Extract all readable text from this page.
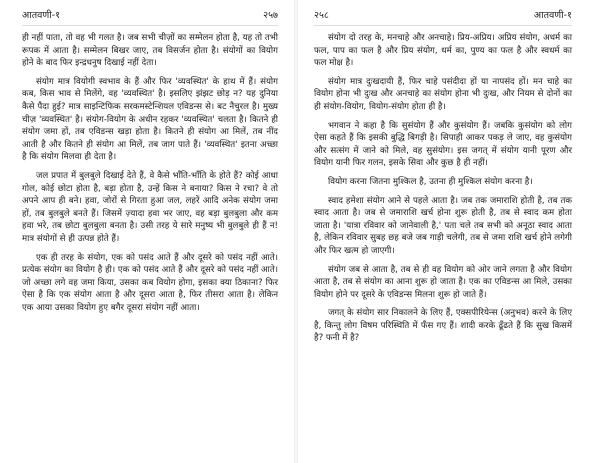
आतवणी-१	२५७

ही नहीं पाता, तो वह भी गलत है। जब सभी चीज़ों का सम्मेलन होता है, यह तो तभी रूपक में आता है। सम्मेलन बिखर जाए, तब विसर्जन होता है। संयोगों का वियोग होने के बाद फिर इन्द्रधनुष दिखाई नहीं देता।

संयोग मात्र वियोगी स्वभाव के हैं और फिर 'व्यवस्थित' के हाथ में हैं। संयोग कब, किस भाव से मिलेंगे, वह 'व्यवस्थित' है। इसलिए झंझट छोड़ न? यह दुनिया कैसे पैदा हुई? मात्र साइन्टिफिक सरकमस्टेन्शियल एविडन्स से। बट नैचुरल है। मुख्य चीज़ 'व्यवस्थित' है। संयोग-वियोग के अधीन रहकर 'व्यवस्थित' चलता है। कितने ही संयोग जमा हों, तब एविडन्स खड़ा होता है। कितने ही संयोग आ मिलें, तब नींद आती है और कितने ही संयोग आ मिलें, तब जाग पाते हैं। 'व्यवस्थित' इतना अच्छा है कि संयोग मिलवा ही देता है।

जल प्रपात में बुलबुले दिखाई देते हैं, वे कैसे भाँति-भाँति के होते हैं? कोई आधा गोल, कोई छोटा होता है, बड़ा होता है, उन्हें किस ने बनाया? किस ने रचा? वे तो अपने आप ही बने। हवा, जोरों से गिरता हुआ जल, लहरें आदि अनेक संयोग जमा हों, तब बुलबुले बनते हैं। जिसमें ज़्यादा हवा भर जाए, वह बड़ा बुलबुला और कम हवा भरे, तब छोटा बुलबुला बनता है। उसी तरह ये सारे मनुष्य भी बुलबुले ही हैं न! मात्र संयोगों से ही उत्पन्न होते हैं।

एक ही तरह के संयोग, एक को पसंद आते हैं और दूसरे को पसंद नहीं आते। प्रत्येक संयोग का वियोग है ही। एक को पसंद आते हैं और दूसरे को पसंद नहीं आते। जो अच्छा लगे वह जमा किया, उसका कब वियोग होगा, इसका क्या ठिकाना? फिर ऐसा है कि एक संयोग आता है और दूसरा आता है, फिर तीसरा आता है। लेकिन एक आया उसका वियोग हुए बगैर दूसरा संयोग नहीं आता।

२५८	आतवणी-१

संयोग दो तरह के, मनचाहे और अनचाहे। प्रिय-अप्रिय। अप्रिय संयोग, अधर्म का फल, पाप का फल है और प्रिय संयोग, धर्म का, पुण्य का फल है और स्वधर्म का फल मोक्ष है।

संयोग मात्र दुःखदायी हैं, फिर चाहे पसंदीदा हों या नापसंद हों। मन चाहे का वियोग होना भी दुःख और अनचाहे का संयोग होना भी दुःख, और नियम से दोनों का ही संयोग-वियोग, वियोग-संयोग होता ही है।

भगवान ने कहा है कि सुसंयोग हैं और कुसंयोग हैं। जबकि कुसंयोग को लोग ऐसा कहते हैं कि इसकी बुद्धि बिगड़ी है। सिपाही आकर पकड़ ले जाए, वह कुसंयोग और सत्संग में जाने को मिले, वह सुसंयोग। इस जगत् में संयोग यानी पूरण और वियोग यानी फिर गलन, इसके सिवा और कुछ है ही नहीं।

वियोग करना जितना मुश्किल है, उतना ही मुश्किल संयोग करना है।

स्वाद हमेशा संयोग आने से पहले आता है। जब तक जमाराशि होती है, तब तक स्वाद आता है। जब से जमाराशि खर्च होना शुरू होती है, तब से स्वाद कम होता जाता है। 'यात्रा रविवार को जानेवाली है,' पता चले तब सभी को अनूठा स्वाद आता है, लेकिन रविवार सुबह छह बजे जब गाड़ी चलेगी, तब से जमा राशि खर्च होने लगेगी और फिर खत्म हो जाएगी।

संयोग जब से आता है, तब से ही वह वियोग को ओर जाने लगता है और वियोग आता है, तब से संयोग का आना शुरू हो जाता है। एक का एविडन्स आ मिले, उसका वियोग होने पर दूसरे के एविडन्स मिलना शुरू हो जाते हैं।

जगत् के संयोग सार निकालने के लिए हैं, एक्सपीरियेन्स (अनुभव) करने के लिए है, किन्तु लोग विषम परिस्थिति में फँस गए हैं। शादी करके ढूँढते हैं कि सुख किसमें है? फनी में है?
